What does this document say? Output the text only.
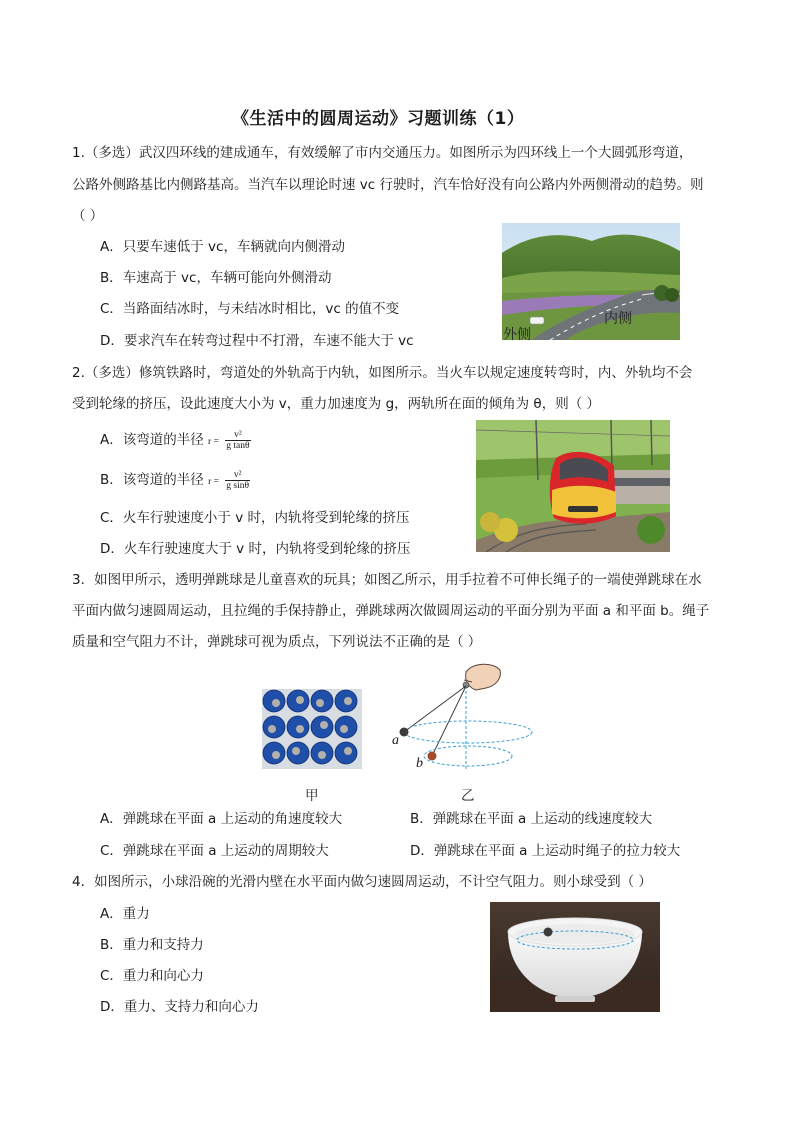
《生活中的圆周运动》习题训练（1）
1.（多选）武汉四环线的建成通车，有效缓解了市内交通压力。如图所示为四环线上一个大圆弧形弯道，
公路外侧路基比内侧路基高。当汽车以理论时速 vc 行驶时，汽车恰好没有向公路内外两侧滑动的趋势。则
（ ）
A．只要车速低于 vc，车辆就向内侧滑动
B．车速高于 vc，车辆可能向外侧滑动
C．当路面结冰时，与未结冰时相比，vc 的值不变
D．要求汽车在转弯过程中不打滑，车速不能大于 vc
内侧
外侧
2.（多选）修筑铁路时，弯道处的外轨高于内轨，如图所示。当火车以规定速度转弯时，内、外轨均不会
受到轮缘的挤压，设此速度大小为 v，重力加速度为 g，两轨所在面的倾角为 θ，则（ ）
A．该弯道的半径 $r = \frac{\text{v²}}{\text{g tanθ}}$
B．该弯道的半径 $r = \frac{\text{v²}}{\text{g sinθ}}$
C．火车行驶速度小于 v 时，内轨将受到轮缘的挤压
D．火车行驶速度大于 v 时，内轨将受到轮缘的挤压
3．如图甲所示，透明弹跳球是儿童喜欢的玩具；如图乙所示，用手拉着不可伸长绳子的一端使弹跳球在水
平面内做匀速圆周运动，且拉绳的手保持静止，弹跳球两次做圆周运动的平面分别为平面 a 和平面 b。绳子
质量和空气阻力不计，弹跳球可视为质点，下列说法不正确的是（ ）
a
b
甲	乙
A．弹跳球在平面 a 上运动的角速度较大	B．弹跳球在平面 a 上运动的线速度较大
C．弹跳球在平面 a 上运动的周期较大	D．弹跳球在平面 a 上运动时绳子的拉力较大
4．如图所示，小球沿碗的光滑内壁在水平面内做匀速圆周运动，不计空气阻力。则小球受到（ ）
A．重力
B．重力和支持力
C．重力和向心力
D．重力、支持力和向心力
